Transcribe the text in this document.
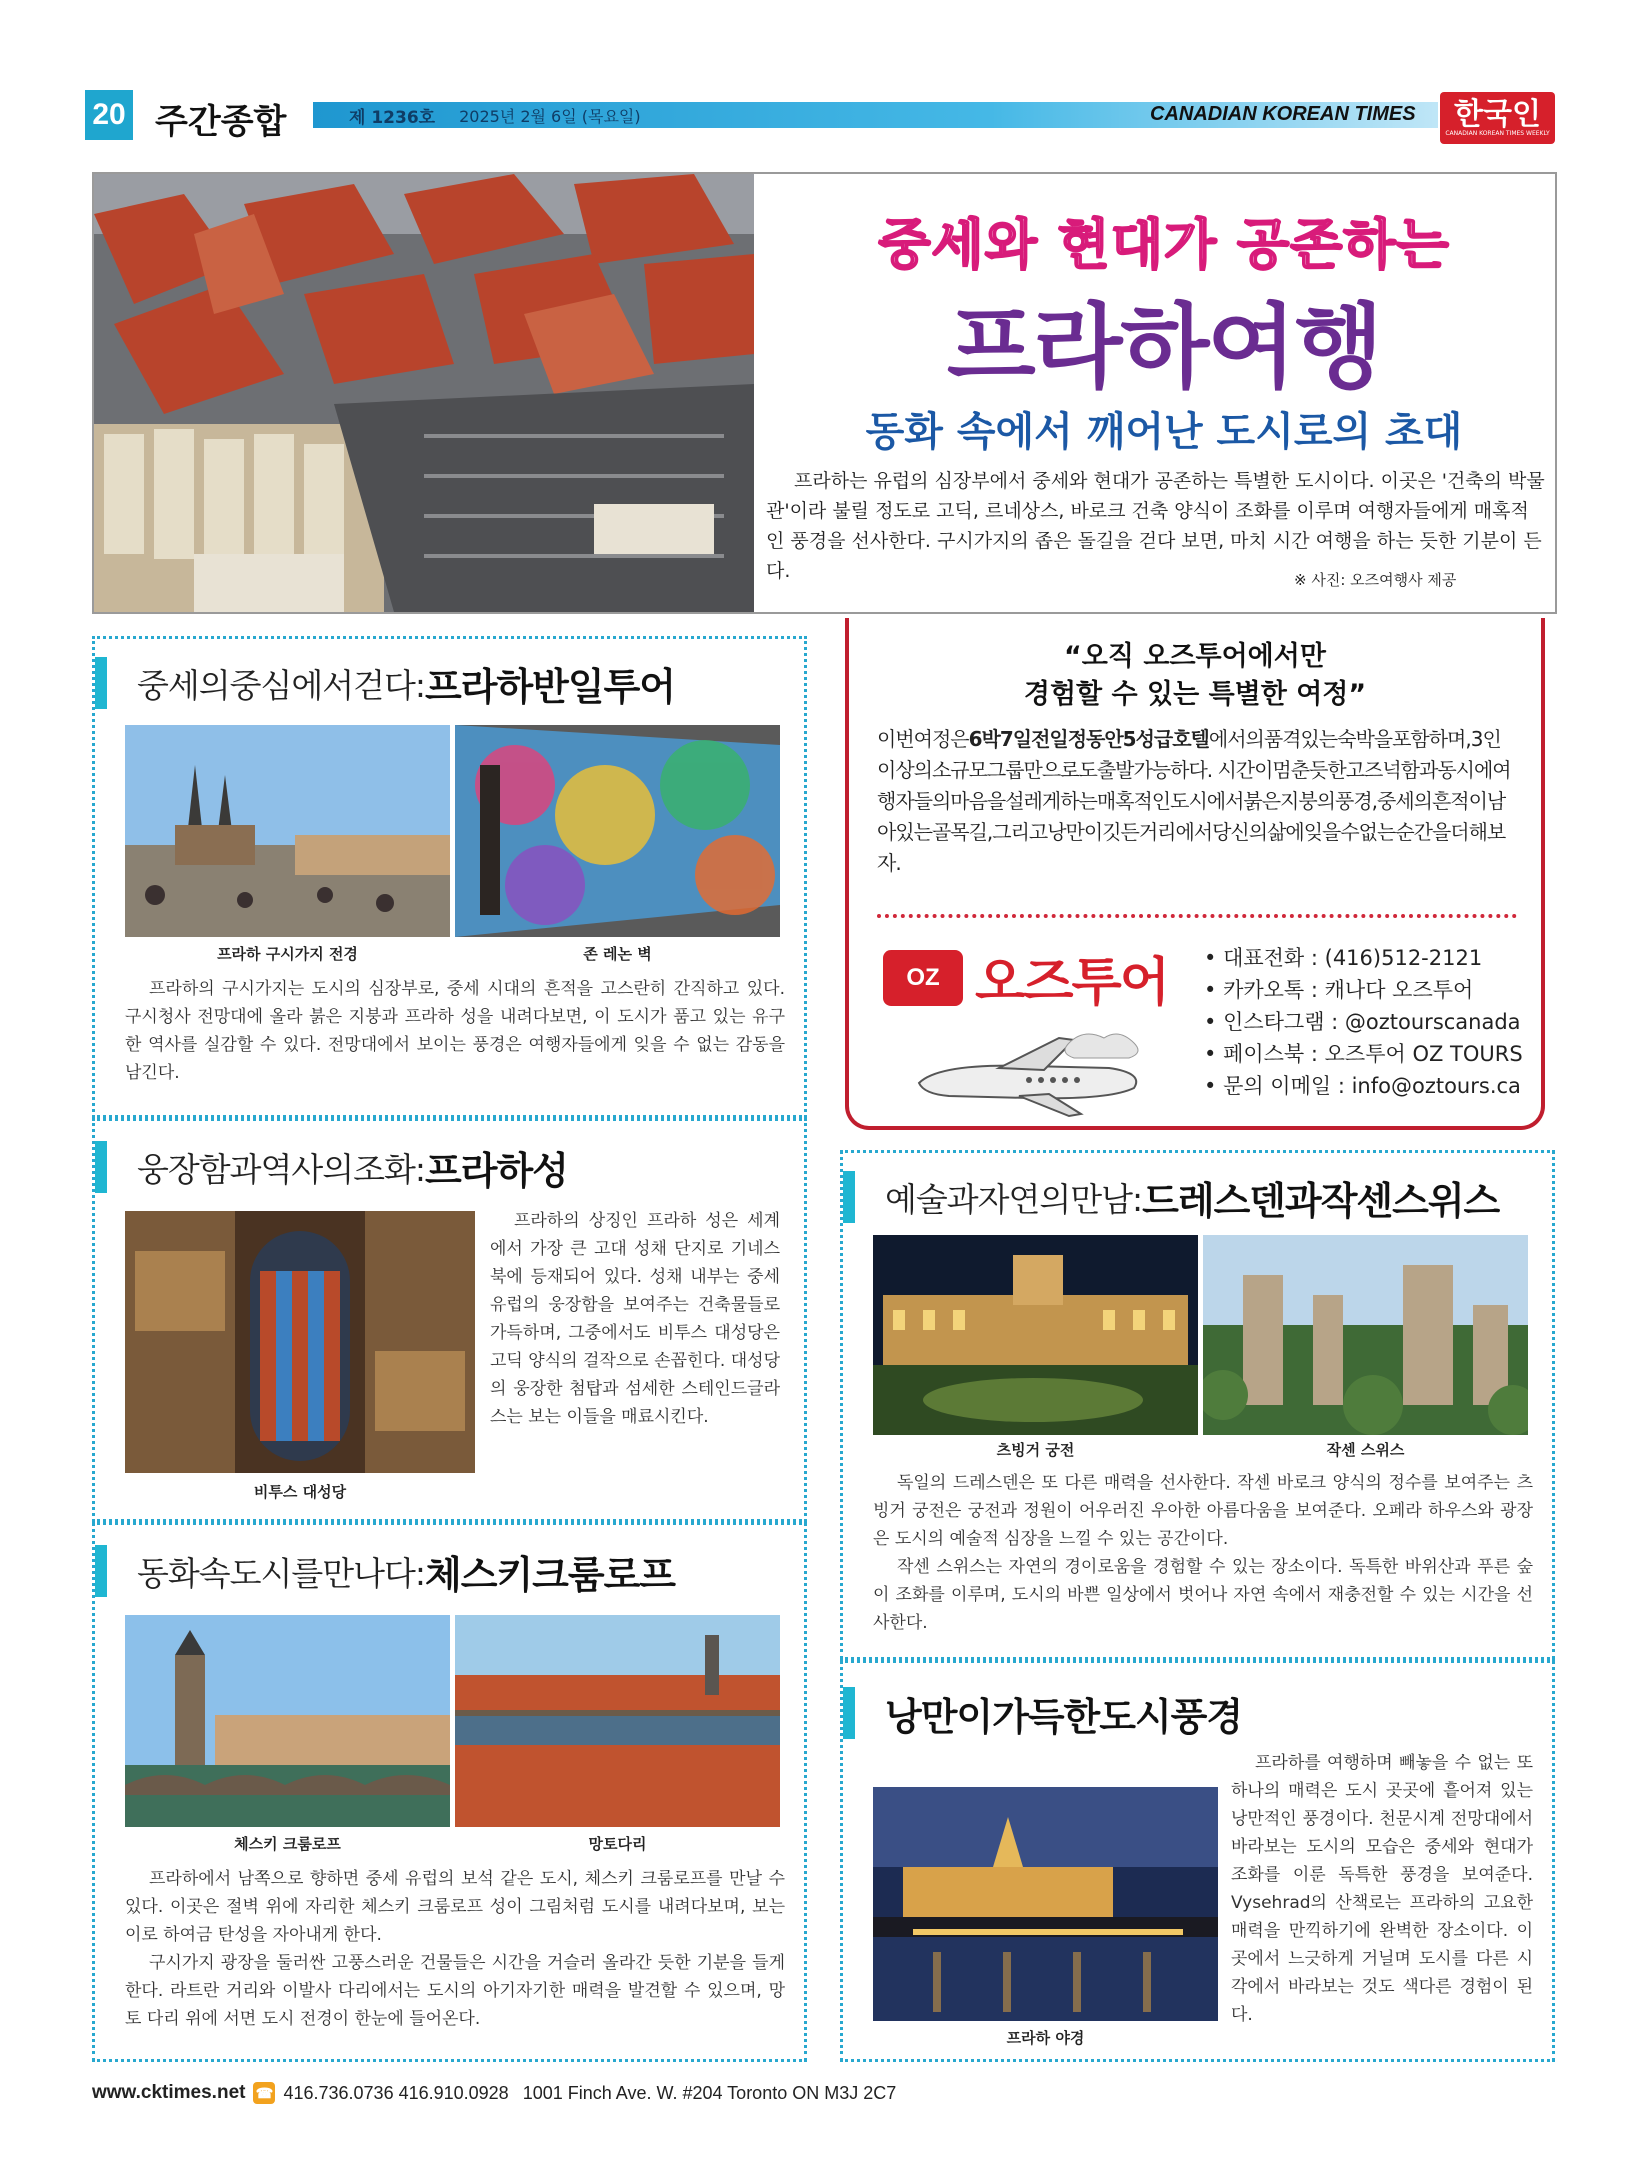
20 주간종합	제 1236호	2025년 2월 6일 (목요일)	CANADIAN KOREAN TIMES 한국인
CANADIAN KOREAN TIMES WEEKLY
중세와 현대가 공존하는
프라하여행
동화 속에서 깨어난 도시로의 초대
프라하는 유럽의 심장부에서 중세와 현대가 공존하는 특별한 도시이다. 이곳은 '건축의 박물관'이라 불릴 정도로 고딕, 르네상스, 바로크 건축 양식이 조화를 이루며 여행자들에게 매혹적인 풍경을 선사한다. 구시가지의 좁은 돌길을 걷다 보면, 마치 시간 여행을 하는 듯한 기분이 든다.	※ 사진: 오즈여행사 제공
중세의중심에서걷다: 프라하반일투어
프라하 구시가지 전경	존 레논 벽
프라하의 구시가지는 도시의 심장부로, 중세 시대의 흔적을 고스란히 간직하고 있다. 구시청사 전망대에 올라 붉은 지붕과 프라하 성을 내려다보면, 이 도시가 품고 있는 유구한 역사를 실감할 수 있다. 전망대에서 보이는 풍경은 여행자들에게 잊을 수 없는 감동을 남긴다.
웅장함과역사의조화: 프라하성
비투스 대성당
프라하의 상징인 프라하 성은 세계에서 가장 큰 고대 성채 단지로 기네스북에 등재되어 있다. 성채 내부는 중세 유럽의 웅장함을 보여주는 건축물들로 가득하며, 그중에서도 비투스 대성당은 고딕 양식의 걸작으로 손꼽힌다. 대성당의 웅장한 첨탑과 섬세한 스테인드글라스는 보는 이들을 매료시킨다.
동화속도시를만나다: 체스키크룸로프
체스키 크룸로프	망토다리
프라하에서 남쪽으로 향하면 중세 유럽의 보석 같은 도시, 체스키 크룸로프를 만날 수 있다. 이곳은 절벽 위에 자리한 체스키 크룸로프 성이 그림처럼 도시를 내려다보며, 보는 이로 하여금 탄성을 자아내게 한다.
구시가지 광장을 둘러싼 고풍스러운 건물들은 시간을 거슬러 올라간 듯한 기분을 들게 한다. 라트란 거리와 이발사 다리에서는 도시의 아기자기한 매력을 발견할 수 있으며, 망토 다리 위에 서면 도시 전경이 한눈에 들어온다.
“오직 오즈투어에서만
경험할 수 있는 특별한 여정”
이번여정은6박7일전일정동안5성급호텔에서의품격있는숙박을포함하며,3인이상의소규모그룹만으로도출발가능하다. 시간이멈춘듯한고즈넉함과동시에여행자들의마음을설레게하는매혹적인도시에서붉은지붕의풍경,중세의흔적이남아있는골목길,그리고낭만이깃든거리에서당신의삶에잊을수없는순간을더해보자.
OZ 오즈투어
•	대표전화 : (416)512-2121
• 카카오톡 : 캐나다 오즈투어
• 인스타그램 : @oztourscanada
• 페이스북 : 오즈투어 OZ TOURS
• 문의 이메일 : info@oztours.ca
예술과자연의만남: 드레스덴과작센스위스
츠빙거 궁전	작센 스위스
독일의 드레스덴은 또 다른 매력을 선사한다. 작센 바로크 양식의 정수를 보여주는 츠빙거 궁전은 궁전과 정원이 어우러진 우아한 아름다움을 보여준다. 오페라 하우스와 광장은 도시의 예술적 심장을 느낄 수 있는 공간이다.
작센 스위스는 자연의 경이로움을 경험할 수 있는 장소이다. 독특한 바위산과 푸른 숲이 조화를 이루며, 도시의 바쁜 일상에서 벗어나 자연 속에서 재충전할 수 있는 시간을 선사한다.
낭만이가득한도시풍경
프라하 야경
프라하를 여행하며 빼놓을 수 없는 또 하나의 매력은 도시 곳곳에 흩어져 있는 낭만적인 풍경이다. 천문시계 전망대에서 바라보는 도시의 모습은 중세와 현대가 조화를 이룬 독특한 풍경을 보여준다. Vysehrad의 산책로는 프라하의 고요한 매력을 만끽하기에 완벽한 장소이다. 이곳에서 느긋하게 거닐며 도시를 다른 시각에서 바라보는 것도 색다른 경험이 된다.
www.cktimes.net ☎ 416.736.0736 416.910.0928 1001 Finch Ave. W. #204 Toronto ON M3J 2C7
